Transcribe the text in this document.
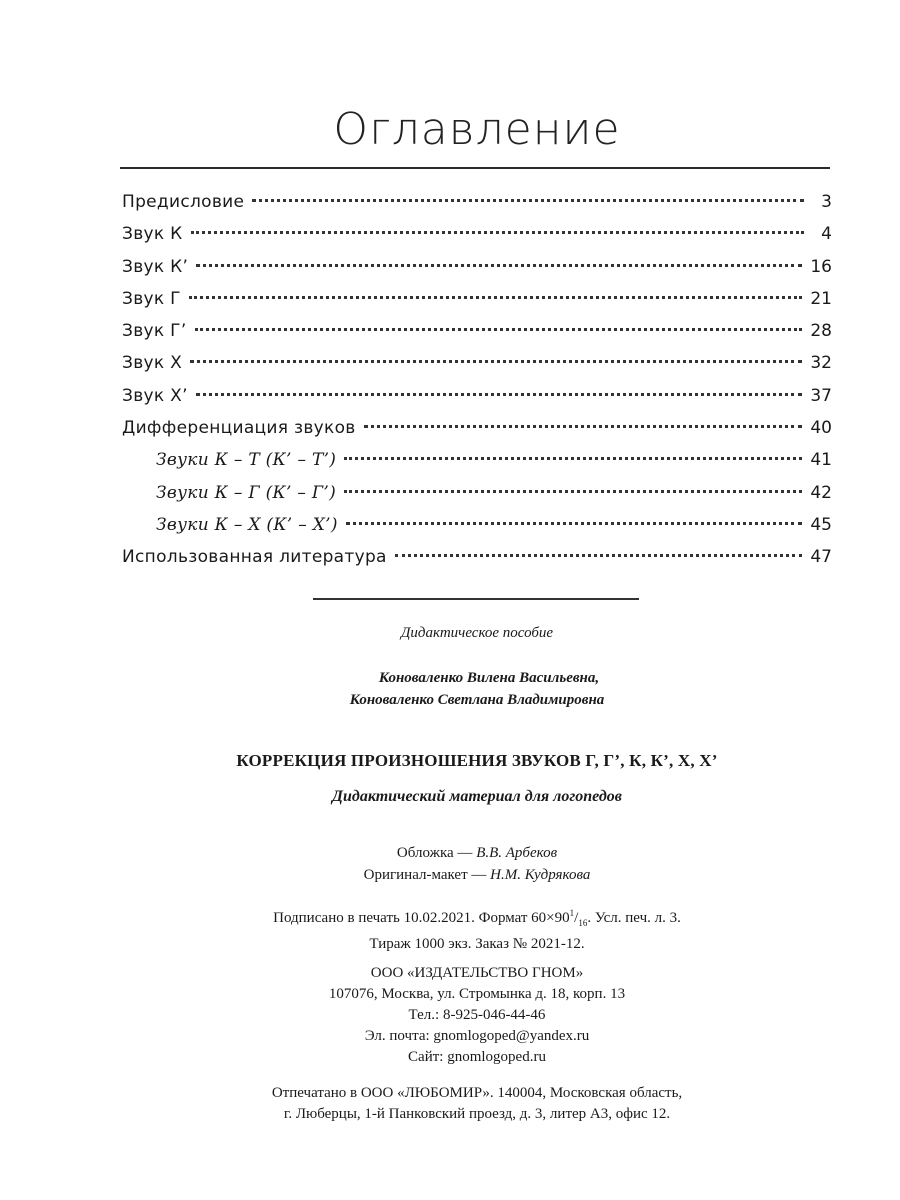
Оглавление
Предисловие	3
Звук К	4
Звук К’	16
Звук Г	21
Звук Г’	28
Звук Х	32
Звук Х’	37
Дифференциация звуков	40
Звуки К – Т (К’ – Т’)	41
Звуки К – Г (К’ – Г’)	42
Звуки К – Х (К’ – Х’)	45
Использованная литература	47
Дидактическое пособие
Коноваленко Вилена Васильевна,
Коноваленко Светлана Владимировна
КОРРЕКЦИЯ ПРОИЗНОШЕНИЯ ЗВУКОВ Г, Г’, К, К’, Х, Х’
Дидактический материал для логопедов
Обложка — В.В. Арбеков
Оригинал-макет — Н.М. Кудрякова
Подписано в печать 10.02.2021. Формат $60\times 90^1/_{16}$. Усл. печ. л. 3.
Тираж 1000 экз. Заказ № 2021-12.
ООО «ИЗДАТЕЛЬСТВО ГНОМ»
107076, Москва, ул. Стромынка д. 18, корп. 13
Тел.: 8-925-046-44-46
Эл. почта: gnomlogoped@yandex.ru
Сайт: gnomlogoped.ru
Отпечатано в ООО «ЛЮБОМИР». 140004, Московская область,
г. Люберцы, 1-й Панковский проезд, д. 3, литер А3, офис 12.
